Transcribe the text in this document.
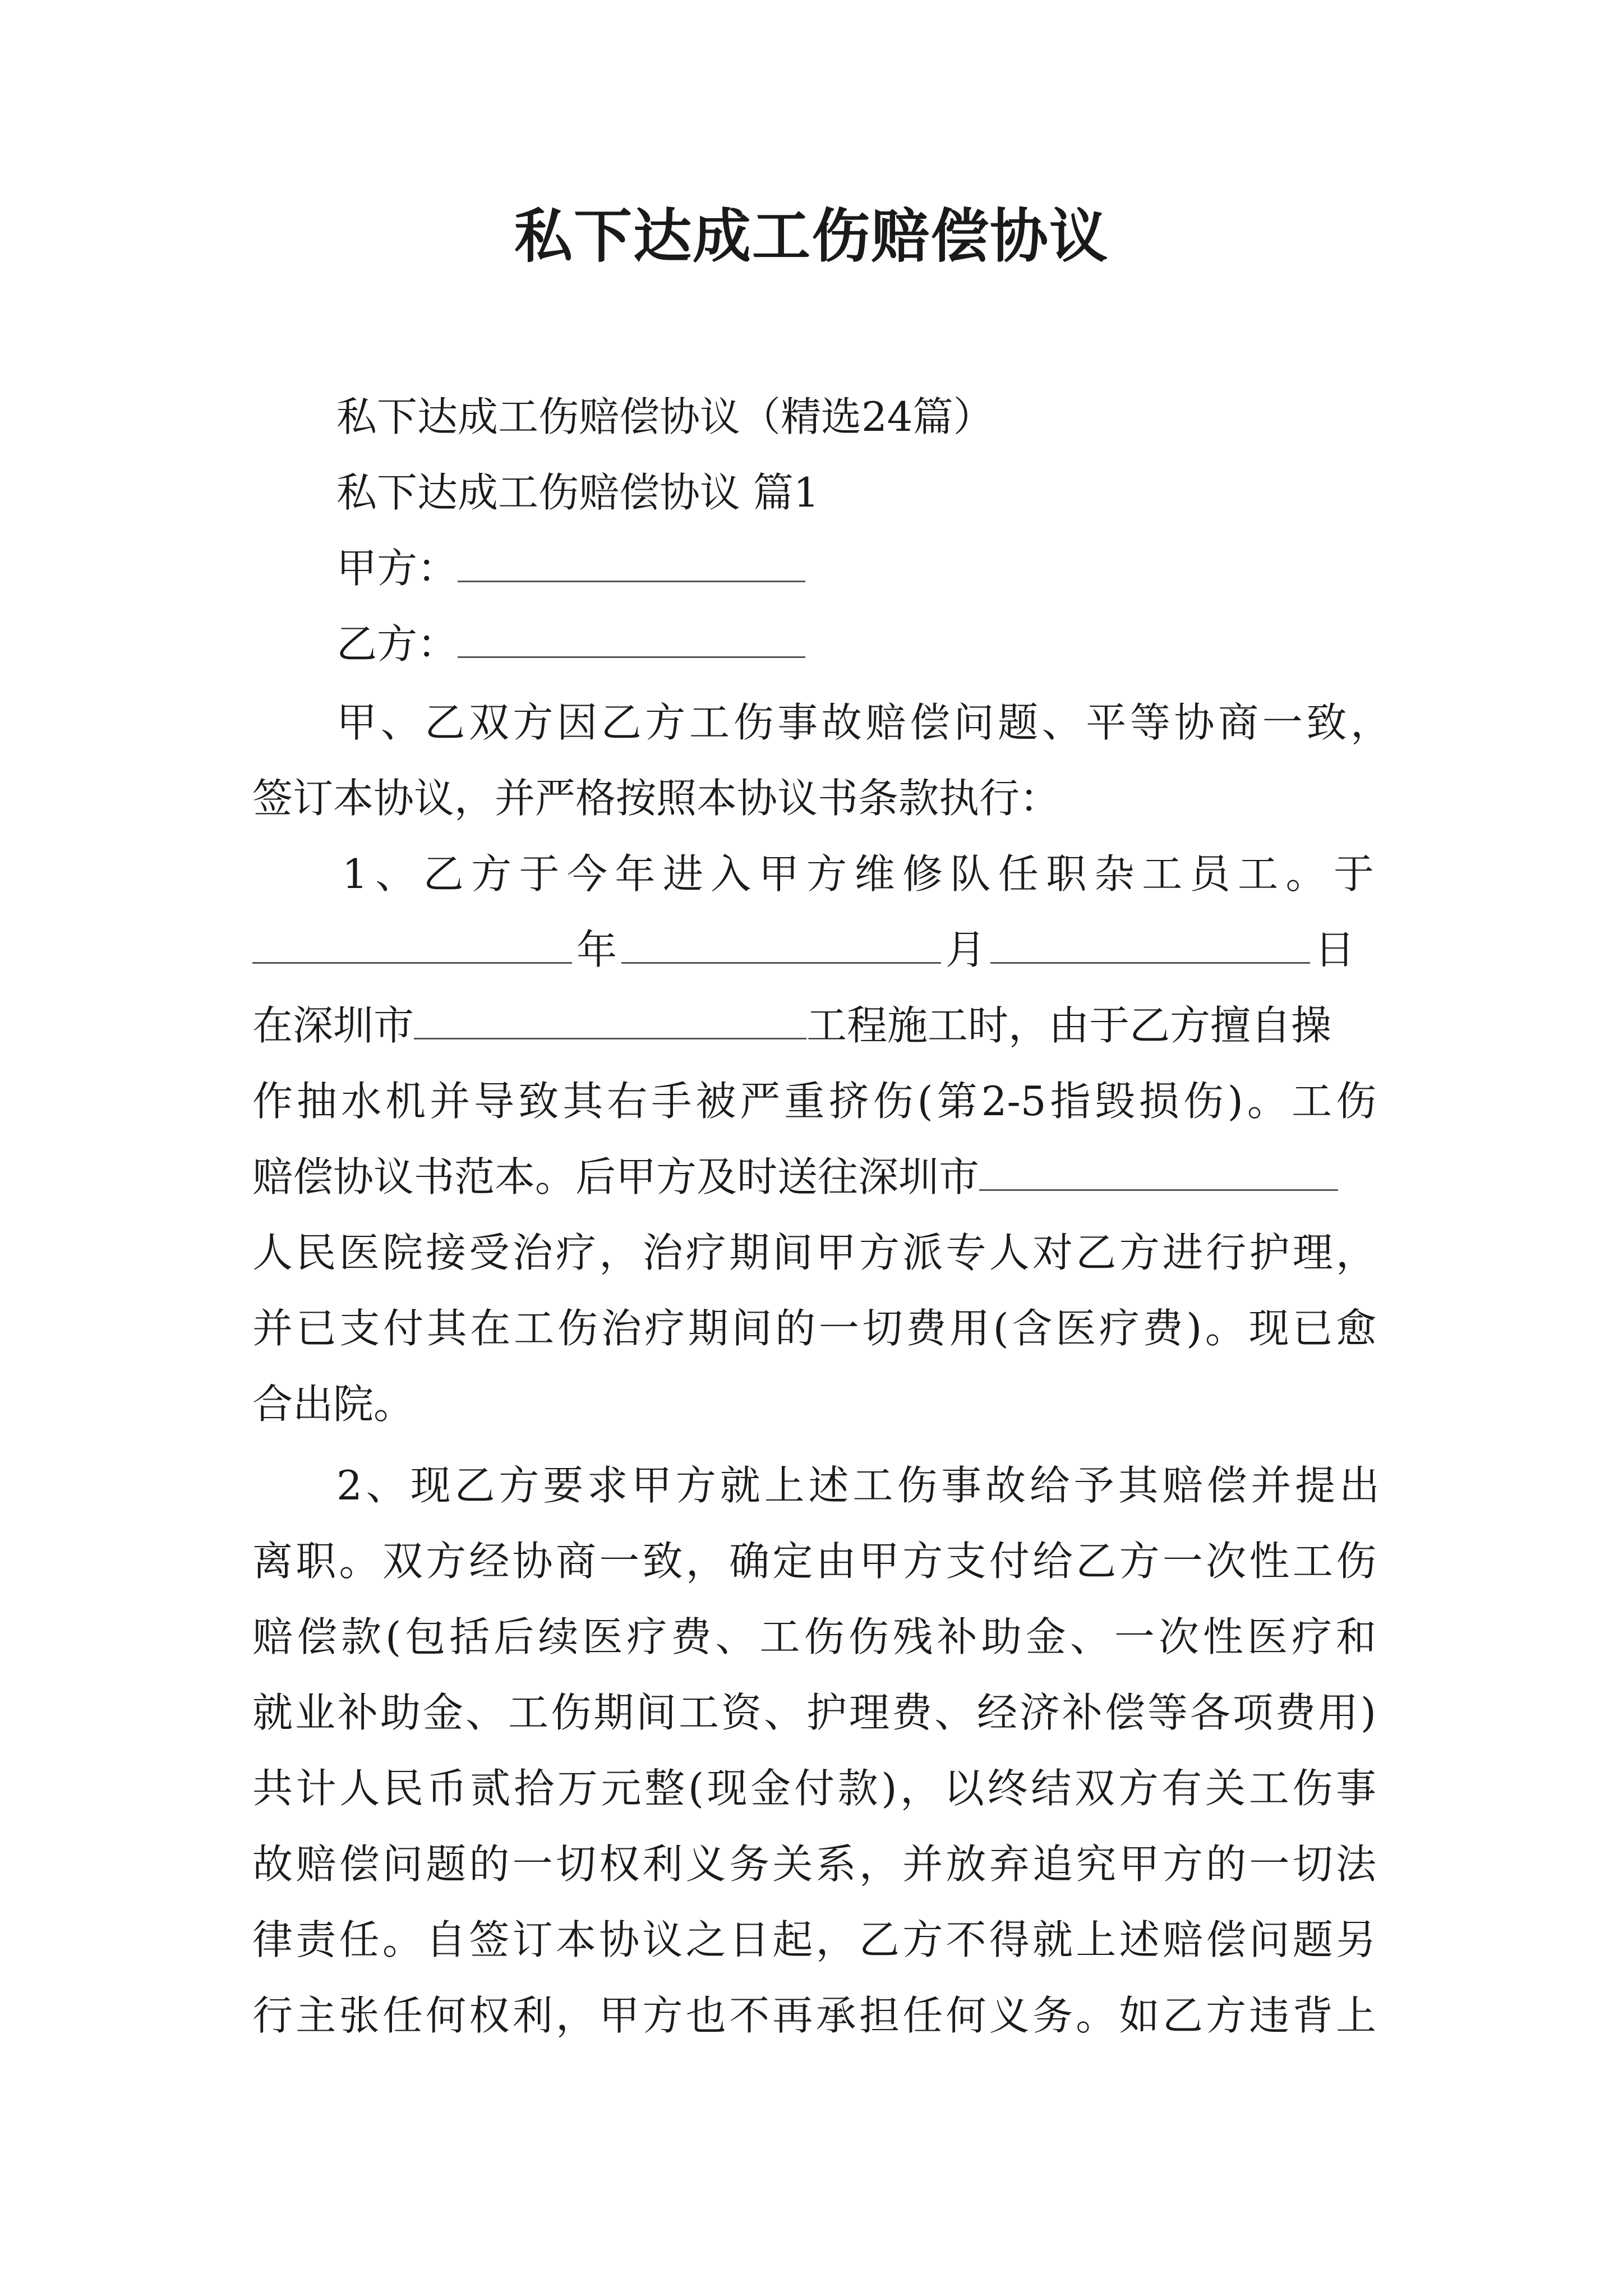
私下达成工伤赔偿协议
私下达成工伤赔偿协议（精选24篇）
私下达成工伤赔偿协议 篇1
甲方：
乙方：
甲、乙双方因乙方工伤事故赔偿问题、平等协商一致，
签订本协议，并严格按照本协议书条款执行：
1、乙方于今年进入甲方维修队任职杂工员工。于
年	月	日
在深圳市	工程施工时，由于乙方擅自操
作抽水机并导致其右手被严重挤伤(第2-5指毁损伤)。工伤
赔偿协议书范本。后甲方及时送往深圳市
人民医院接受治疗，治疗期间甲方派专人对乙方进行护理，
并已支付其在工伤治疗期间的一切费用(含医疗费)。现已愈
合出院。
2、现乙方要求甲方就上述工伤事故给予其赔偿并提出
离职。双方经协商一致，确定由甲方支付给乙方一次性工伤
赔偿款(包括后续医疗费、工伤伤残补助金、一次性医疗和
就业补助金、工伤期间工资、护理费、经济补偿等各项费用)
共计人民币贰拾万元整(现金付款)，以终结双方有关工伤事
故赔偿问题的一切权利义务关系，并放弃追究甲方的一切法
律责任。自签订本协议之日起，乙方不得就上述赔偿问题另
行主张任何权利，甲方也不再承担任何义务。如乙方违背上
